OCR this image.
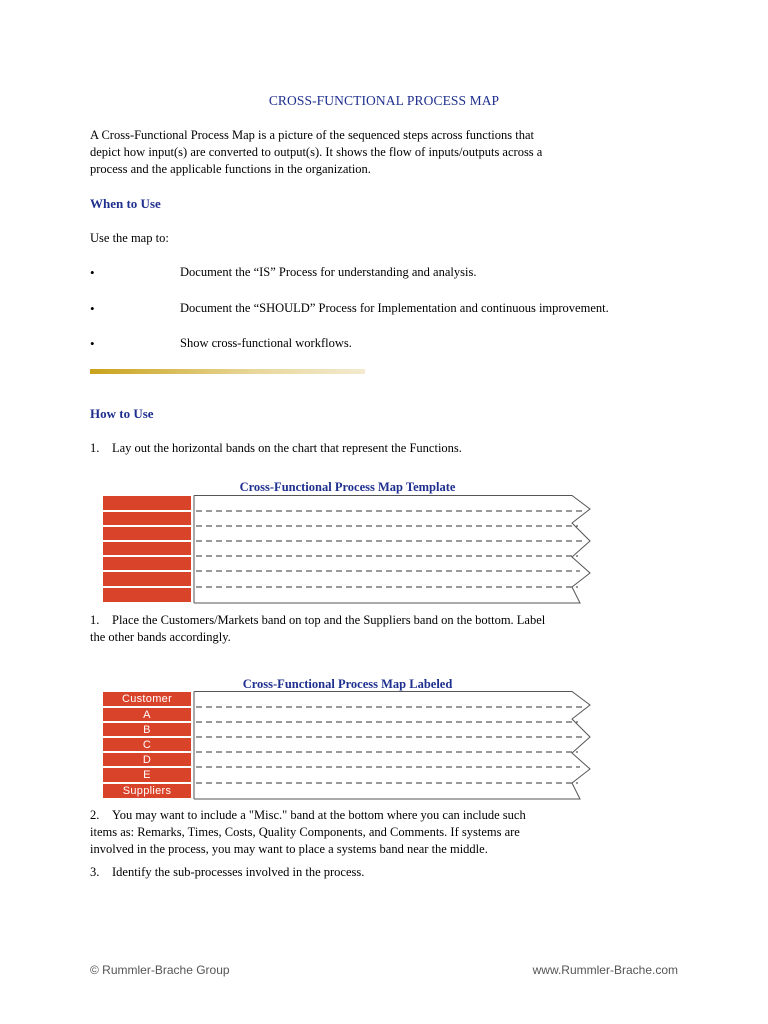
CROSS-FUNCTIONAL PROCESS MAP
A Cross-Functional Process Map is a picture of the sequenced steps across functions that
depict how input(s) are converted to output(s). It shows the flow of inputs/outputs across a
process and the applicable functions in the organization.
When to Use
Use the map to:
•	Document the “IS” Process for understanding and analysis.
•	Document the “SHOULD” Process for Implementation and continuous improvement.
•	Show cross-functional workflows.
How to Use
1. Lay out the horizontal bands on the chart that represent the Functions.
Cross-Functional Process Map Template
1. Place the Customers/Markets band on top and the Suppliers band on the bottom. Label
the other bands accordingly.
Cross-Functional Process Map Labeled
Customer
A
B
C
D
E
Suppliers
2. You may want to include a "Misc." band at the bottom where you can include such
items as: Remarks, Times, Costs, Quality Components, and Comments. If systems are
involved in the process, you may want to place a systems band near the middle.
3. Identify the sub-processes involved in the process.
© Rummler-Brache Group	www.Rummler-Brache.com
